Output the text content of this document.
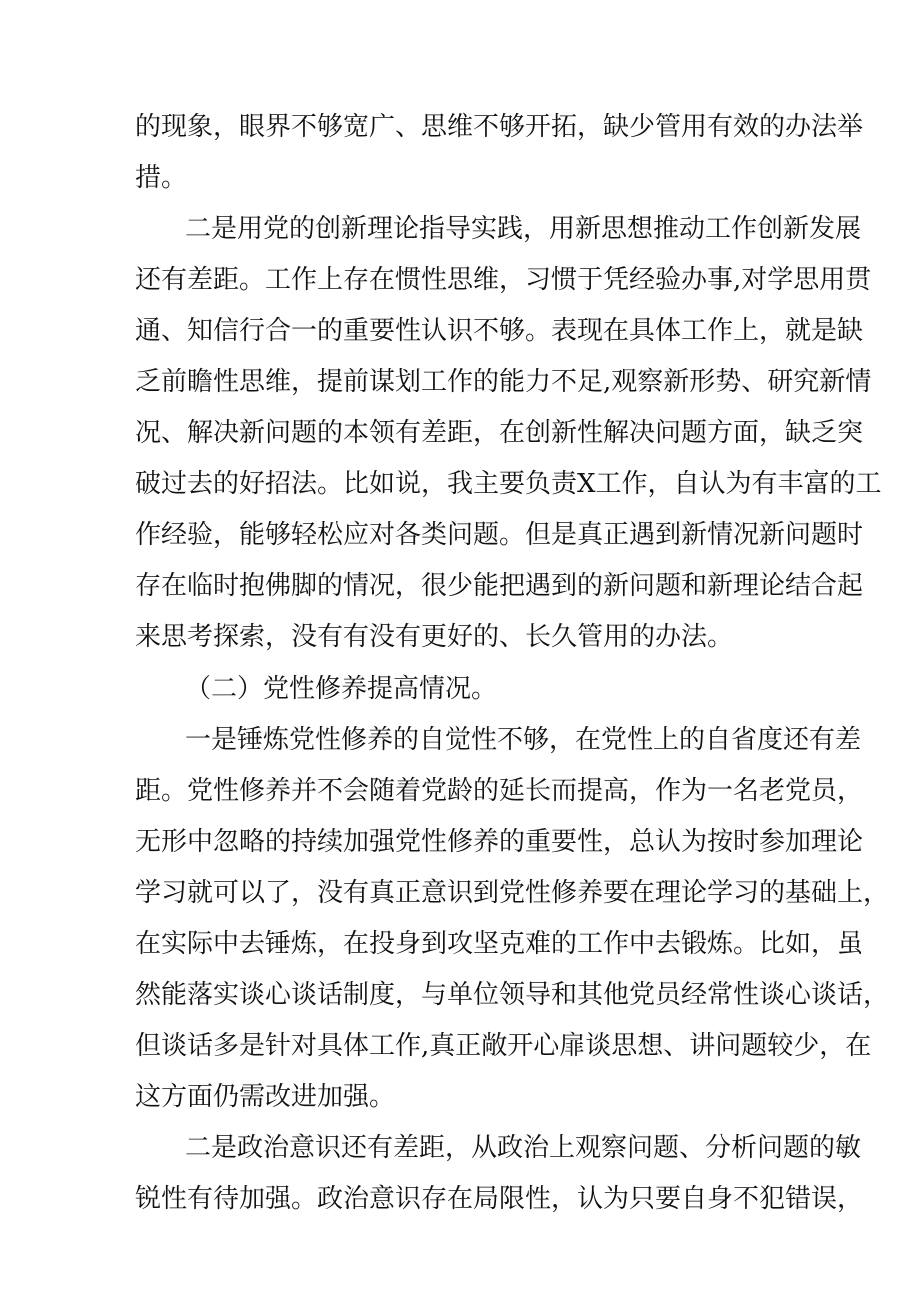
的现象，眼界不够宽广、思维不够开拓，缺少管用有效的办法举
措。
二是用党的创新理论指导实践，用新思想推动工作创新发展
还有差距。工作上存在惯性思维，习惯于凭经验办事,对学思用贯
通、知信行合一的重要性认识不够。表现在具体工作上，就是缺
乏前瞻性思维，提前谋划工作的能力不足,观察新形势、研究新情
况、解决新问题的本领有差距，在创新性解决问题方面，缺乏突
破过去的好招法。比如说，我主要负责X工作，自认为有丰富的工
作经验，能够轻松应对各类问题。但是真正遇到新情况新问题时
存在临时抱佛脚的情况，很少能把遇到的新问题和新理论结合起
来思考探索，没有有没有更好的、长久管用的办法。
（二）党性修养提高情况。
一是锤炼党性修养的自觉性不够，在党性上的自省度还有差
距。党性修养并不会随着党龄的延长而提高，作为一名老党员，
无形中忽略的持续加强党性修养的重要性，总认为按时参加理论
学习就可以了，没有真正意识到党性修养要在理论学习的基础上，
在实际中去锤炼，在投身到攻坚克难的工作中去锻炼。比如，虽
然能落实谈心谈话制度，与单位领导和其他党员经常性谈心谈话，
但谈话多是针对具体工作,真正敞开心扉谈思想、讲问题较少，在
这方面仍需改进加强。
二是政治意识还有差距，从政治上观察问题、分析问题的敏
锐性有待加强。政治意识存在局限性，认为只要自身不犯错误，
